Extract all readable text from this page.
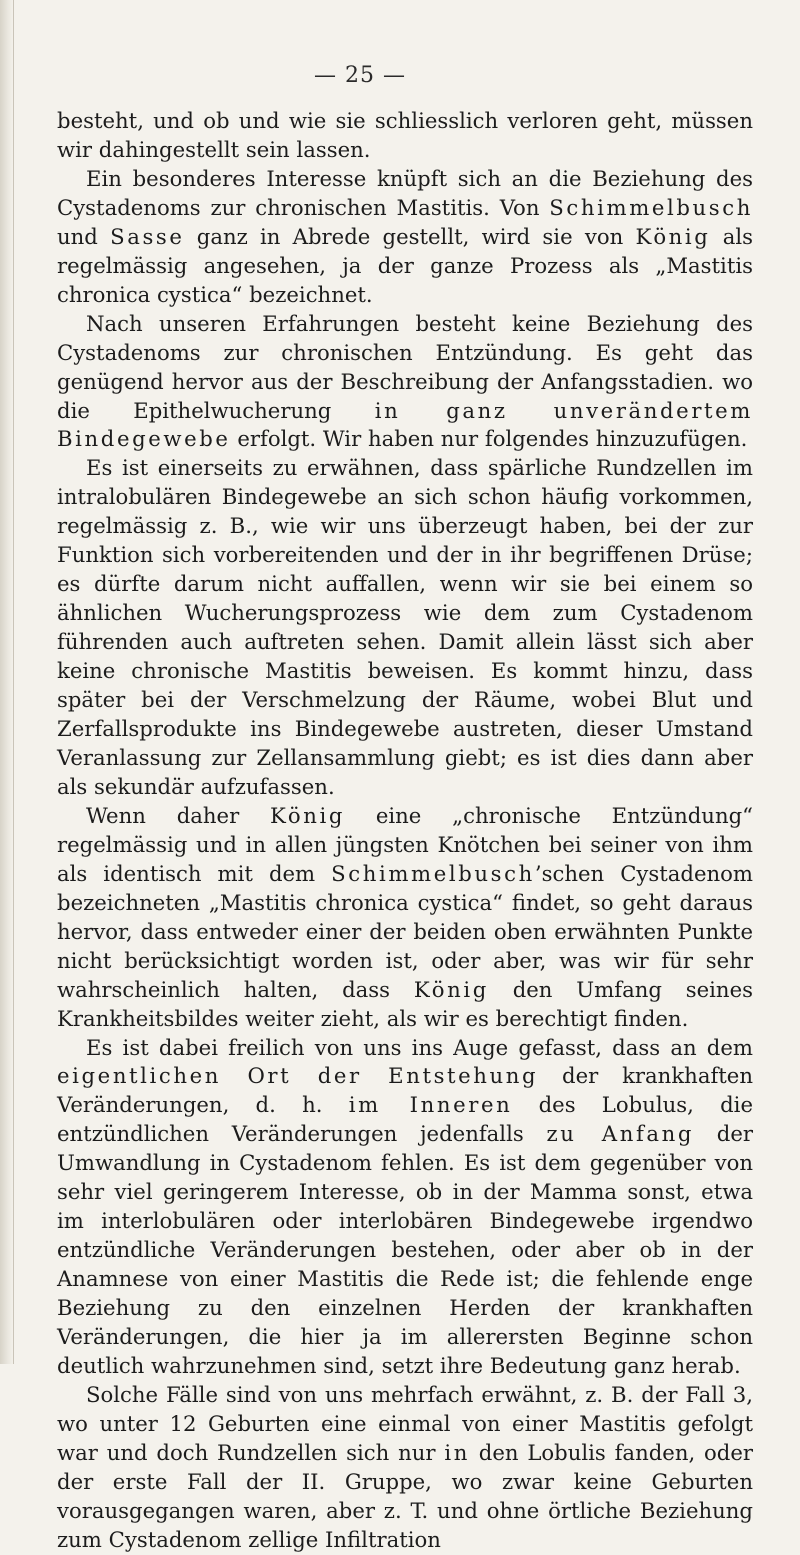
— 25 —

besteht, und ob und wie sie schliesslich verloren geht, müssen wir dahingestellt sein lassen.

Ein besonderes Interesse knüpft sich an die Beziehung des Cystadenoms zur chronischen Mastitis. Von Schimmelbusch und Sasse ganz in Abrede gestellt, wird sie von König als regelmässig angesehen, ja der ganze Prozess als „Mastitis chronica cystica“ bezeichnet.

Nach unseren Erfahrungen besteht keine Beziehung des Cystadenoms zur chronischen Entzündung. Es geht das genügend hervor aus der Beschreibung der Anfangsstadien. wo die Epithelwucherung in ganz unverändertem Bindegewebe erfolgt. Wir haben nur folgendes hinzuzufügen.

Es ist einerseits zu erwähnen, dass spärliche Rundzellen im intralobulären Bindegewebe an sich schon häufig vorkommen, regelmässig z. B., wie wir uns überzeugt haben, bei der zur Funktion sich vorbereitenden und der in ihr begriffenen Drüse; es dürfte darum nicht auffallen, wenn wir sie bei einem so ähnlichen Wucherungsprozess wie dem zum Cystadenom führenden auch auftreten sehen. Damit allein lässt sich aber keine chronische Mastitis beweisen. Es kommt hinzu, dass später bei der Verschmelzung der Räume, wobei Blut und Zerfallsprodukte ins Bindegewebe austreten, dieser Umstand Veranlassung zur Zellansammlung giebt; es ist dies dann aber als sekundär aufzufassen.

Wenn daher König eine „chronische Entzündung“ regelmässig und in allen jüngsten Knötchen bei seiner von ihm als identisch mit dem Schimmelbusch’schen Cystadenom bezeichneten „Mastitis chronica cystica“ findet, so geht daraus hervor, dass entweder einer der beiden oben erwähnten Punkte nicht berücksichtigt worden ist, oder aber, was wir für sehr wahrscheinlich halten, dass König den Umfang seines Krankheitsbildes weiter zieht, als wir es berechtigt finden.

Es ist dabei freilich von uns ins Auge gefasst, dass an dem eigentlichen Ort der Entstehung der krankhaften Veränderungen, d. h. im Inneren des Lobulus, die entzündlichen Veränderungen jedenfalls zu Anfang der Umwandlung in Cystadenom fehlen. Es ist dem gegenüber von sehr viel geringerem Interesse, ob in der Mamma sonst, etwa im interlobulären oder interlobären Bindegewebe irgendwo entzündliche Veränderungen bestehen, oder aber ob in der Anamnese von einer Mastitis die Rede ist; die fehlende enge Beziehung zu den einzelnen Herden der krankhaften Veränderungen, die hier ja im allerersten Beginne schon deutlich wahrzunehmen sind, setzt ihre Bedeutung ganz herab.

Solche Fälle sind von uns mehrfach erwähnt, z. B. der Fall 3, wo unter 12 Geburten eine einmal von einer Mastitis gefolgt war und doch Rundzellen sich nur in den Lobulis fanden, oder der erste Fall der II. Gruppe, wo zwar keine Geburten vorausgegangen waren, aber z. T. und ohne örtliche Beziehung zum Cystadenom zellige Infiltration
